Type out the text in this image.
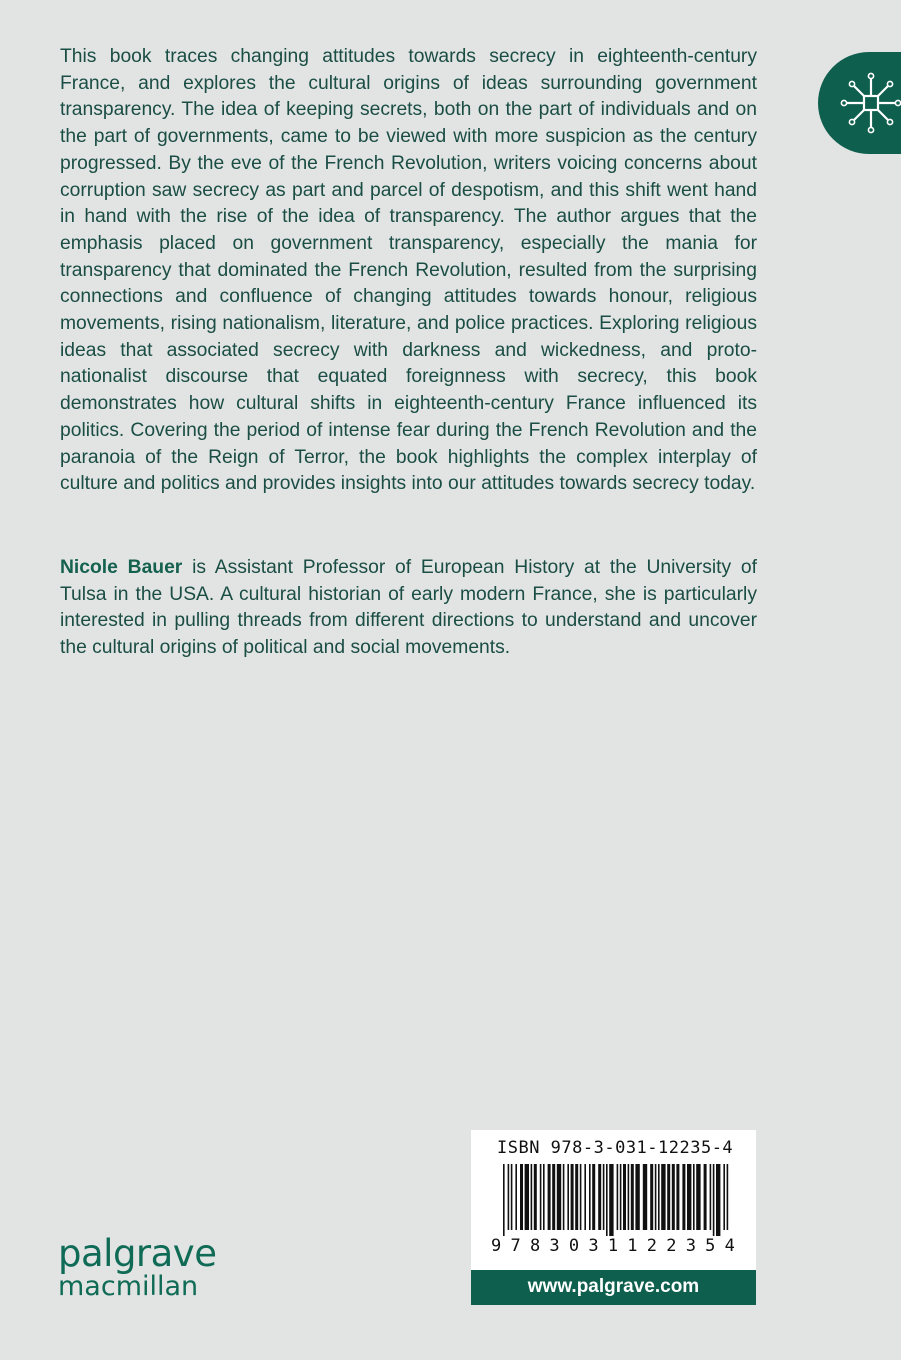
This book traces changing attitudes towards secrecy in eighteenth-century France, and explores the cultural origins of ideas surrounding government transparency. The idea of keeping secrets, both on the part of individuals and on the part of governments, came to be viewed with more suspicion as the century progressed. By the eve of the French Revolution, writers voicing concerns about corruption saw secrecy as part and parcel of despotism, and this shift went hand in hand with the rise of the idea of transparency. The author argues that the emphasis placed on government transparency, especially the mania for transparency that dominated the French Revolution, resulted from the surprising connections and confluence of changing attitudes towards honour, religious movements, rising nationalism, literature, and police practices. Exploring religious ideas that associated secrecy with darkness and wickedness, and proto-nationalist discourse that equated foreignness with secrecy, this book demonstrates how cultural shifts in eighteenth-century France influenced its politics. Covering the period of intense fear during the French Revolution and the paranoia of the Reign of Terror, the book highlights the complex interplay of culture and politics and provides insights into our attitudes towards secrecy today.

Nicole Bauer is Assistant Professor of European History at the University of Tulsa in the USA. A cultural historian of early modern France, she is particularly interested in pulling threads from different directions to understand and uncover the cultural origins of political and social movements.

palgrave
macmillan
ISBN 978-3-031-12235-4
9 7 8 3 0 3 1 1 2 2 3 5 4
www.palgrave.com
